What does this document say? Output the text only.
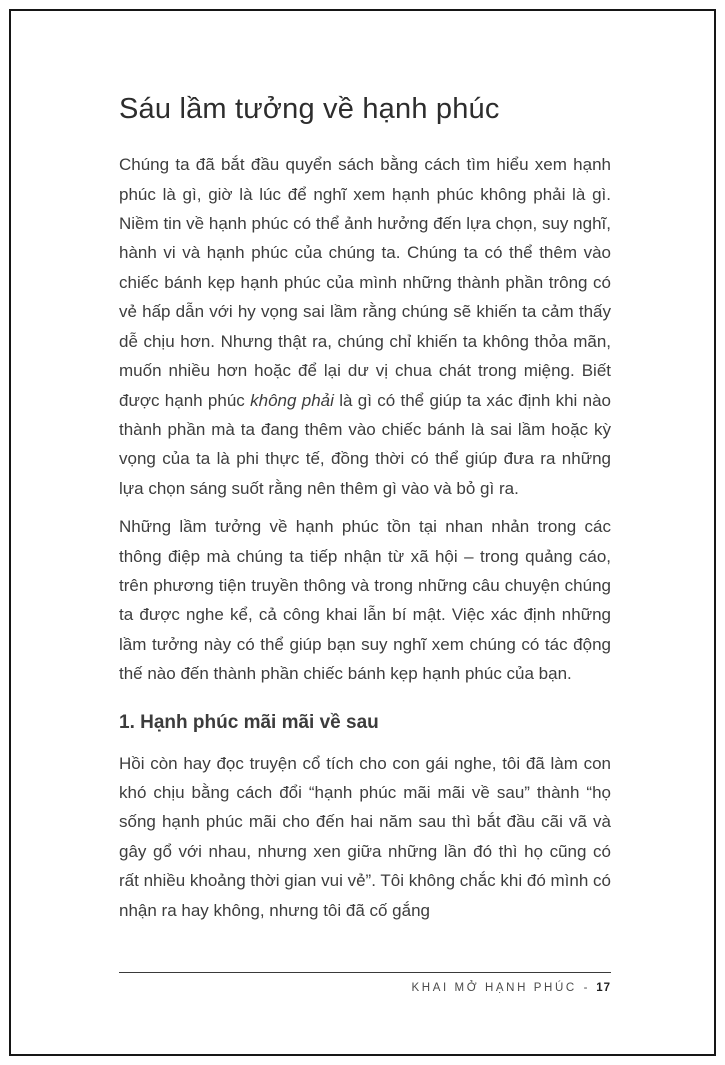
Sáu lầm tưởng về hạnh phúc

Chúng ta đã bắt đầu quyển sách bằng cách tìm hiểu xem hạnh phúc là gì, giờ là lúc để nghĩ xem hạnh phúc không phải là gì. Niềm tin về hạnh phúc có thể ảnh hưởng đến lựa chọn, suy nghĩ, hành vi và hạnh phúc của chúng ta. Chúng ta có thể thêm vào chiếc bánh kẹp hạnh phúc của mình những thành phần trông có vẻ hấp dẫn với hy vọng sai lầm rằng chúng sẽ khiến ta cảm thấy dễ chịu hơn. Nhưng thật ra, chúng chỉ khiến ta không thỏa mãn, muốn nhiều hơn hoặc để lại dư vị chua chát trong miệng. Biết được hạnh phúc không phải là gì có thể giúp ta xác định khi nào thành phần mà ta đang thêm vào chiếc bánh là sai lầm hoặc kỳ vọng của ta là phi thực tế, đồng thời có thể giúp đưa ra những lựa chọn sáng suốt rằng nên thêm gì vào và bỏ gì ra.

Những lầm tưởng về hạnh phúc tồn tại nhan nhản trong các thông điệp mà chúng ta tiếp nhận từ xã hội – trong quảng cáo, trên phương tiện truyền thông và trong những câu chuyện chúng ta được nghe kể, cả công khai lẫn bí mật. Việc xác định những lầm tưởng này có thể giúp bạn suy nghĩ xem chúng có tác động thế nào đến thành phần chiếc bánh kẹp hạnh phúc của bạn.

1. Hạnh phúc mãi mãi về sau

Hồi còn hay đọc truyện cổ tích cho con gái nghe, tôi đã làm con khó chịu bằng cách đổi “hạnh phúc mãi mãi về sau” thành “họ sống hạnh phúc mãi cho đến hai năm sau thì bắt đầu cãi vã và gây gổ với nhau, nhưng xen giữa những lần đó thì họ cũng có rất nhiều khoảng thời gian vui vẻ”. Tôi không chắc khi đó mình có nhận ra hay không, nhưng tôi đã cố gắng

KHAI MỞ HẠNH PHÚC - 17
